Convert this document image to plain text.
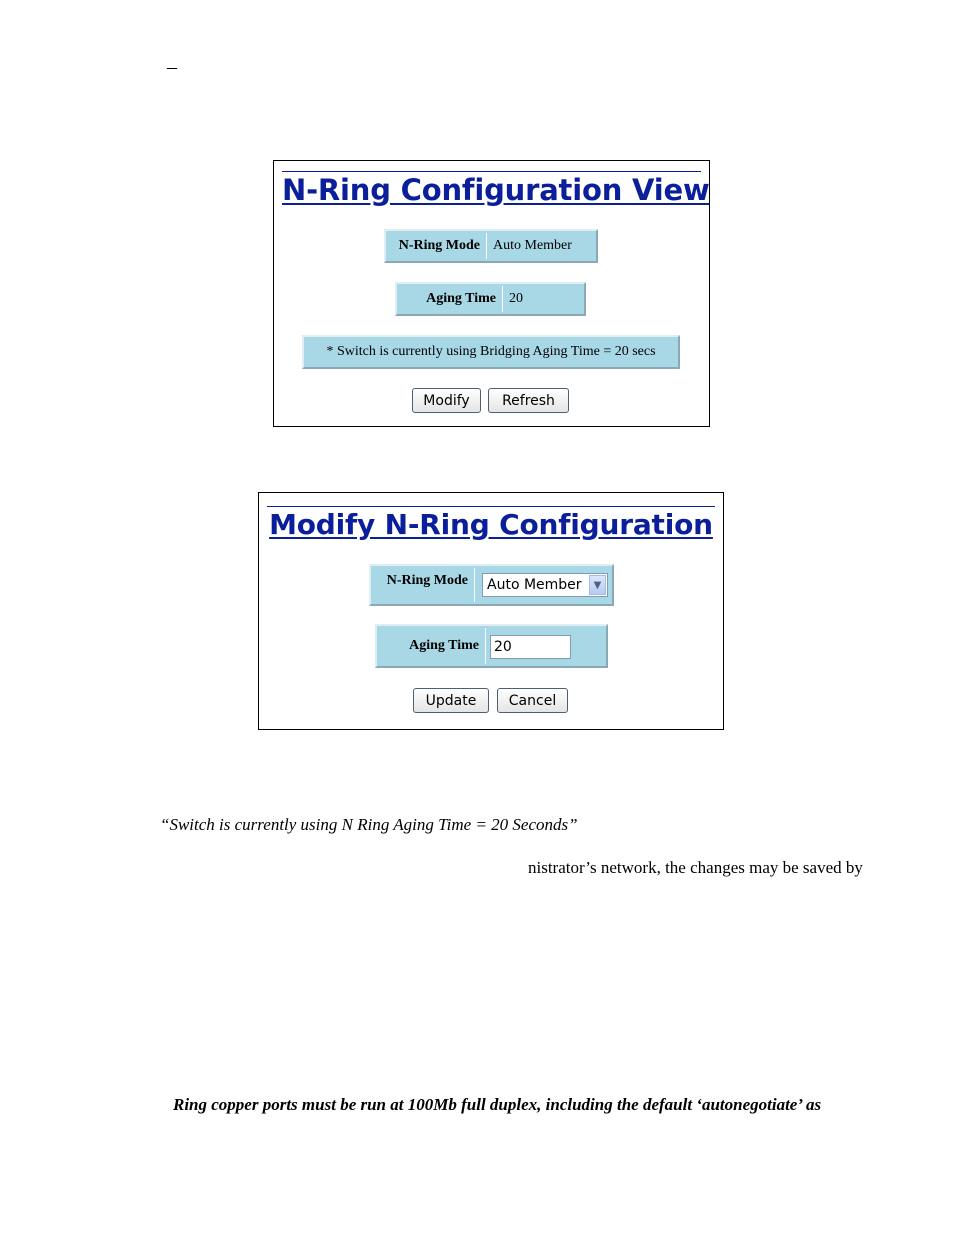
–
N-Ring Configuration View
N-Ring Mode Auto Member
Aging Time 20
* Switch is currently using Bridging Aging Time = 20 secs
Modify	Refresh
Modify N-Ring Configuration
N-Ring Mode	Auto Member	▼
Aging Time	20
Update	Cancel
“Switch is currently using N Ring Aging Time = 20 Seconds”
nistrator’s network, the changes may be saved by
Ring copper ports must be run at 100Mb full duplex, including the default ‘autonegotiate’ as
